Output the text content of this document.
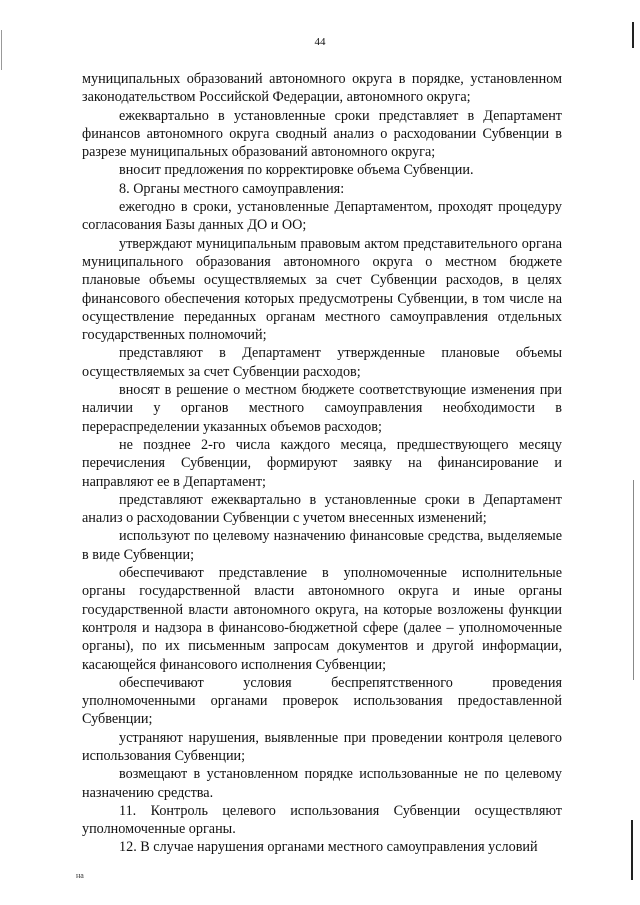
44

муниципальных образований автономного округа в порядке, установленном законодательством Российской Федерации, автономного округа;

ежеквартально в установленные сроки представляет в Департамент финансов автономного округа сводный анализ о расходовании Субвенции в разрезе муниципальных образований автономного округа;

вносит предложения по корректировке объема Субвенции.

8. Органы местного самоуправления:

ежегодно в сроки, установленные Департаментом, проходят процедуру согласования Базы данных ДО и ОО;

утверждают муниципальным правовым актом представительного органа муниципального образования автономного округа о местном бюджете плановые объемы осуществляемых за счет Субвенции расходов, в целях финансового обеспечения которых предусмотрены Субвенции, в том числе на осуществление переданных органам местного самоуправления отдельных государственных полномочий;

представляют в Департамент утвержденные плановые объемы осуществляемых за счет Субвенции расходов;

вносят в решение о местном бюджете соответствующие изменения при наличии у органов местного самоуправления необходимости в перераспределении указанных объемов расходов;

не позднее 2-го числа каждого месяца, предшествующего месяцу перечисления Субвенции, формируют заявку на финансирование и направляют ее в Департамент;

представляют ежеквартально в установленные сроки в Департамент анализ о расходовании Субвенции с учетом внесенных изменений;

используют по целевому назначению финансовые средства, выделяемые в виде Субвенции;

обеспечивают представление в уполномоченные исполнительные органы государственной власти автономного округа и иные органы государственной власти автономного округа, на которые возложены функции контроля и надзора в финансово-бюджетной сфере (далее – уполномоченные органы), по их письменным запросам документов и другой информации, касающейся финансового исполнения Субвенции;

обеспечивают условия беспрепятственного проведения уполномоченными органами проверок использования предоставленной Субвенции;

устраняют нарушения, выявленные при проведении контроля целевого использования Субвенции;

возмещают в установленном порядке использованные не по целевому назначению средства.

11. Контроль целевого использования Субвенции осуществляют уполномоченные органы.

12. В случае нарушения органами местного самоуправления условий

на
